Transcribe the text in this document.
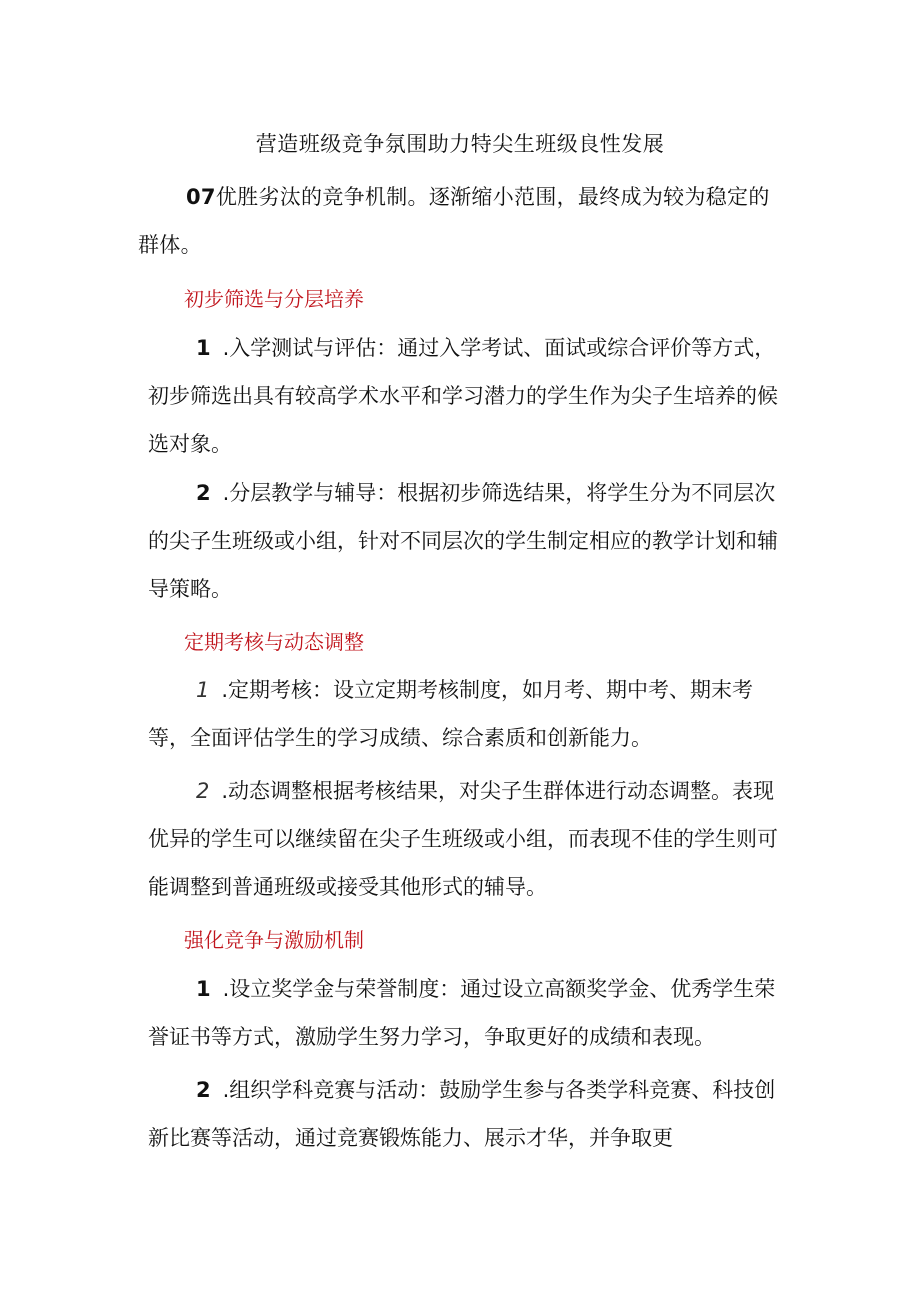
营造班级竞争氛围助力特尖生班级良性发展
07优胜劣汰的竞争机制。逐渐缩小范围，最终成为较为稳定的群体。
初步筛选与分层培养
1 .入学测试与评估：通过入学考试、面试或综合评价等方式，初步筛选出具有较高学术水平和学习潜力的学生作为尖子生培养的候选对象。
2 .分层教学与辅导：根据初步筛选结果，将学生分为不同层次的尖子生班级或小组，针对不同层次的学生制定相应的教学计划和辅导策略。
定期考核与动态调整
1 .定期考核：设立定期考核制度，如月考、期中考、期末考等，全面评估学生的学习成绩、综合素质和创新能力。
2 .动态调整根据考核结果，对尖子生群体进行动态调整。表现优异的学生可以继续留在尖子生班级或小组，而表现不佳的学生则可能调整到普通班级或接受其他形式的辅导。
强化竞争与激励机制
1 .设立奖学金与荣誉制度：通过设立高额奖学金、优秀学生荣誉证书等方式，激励学生努力学习，争取更好的成绩和表现。
2 .组织学科竞赛与活动：鼓励学生参与各类学科竞赛、科技创新比赛等活动，通过竞赛锻炼能力、展示才华，并争取更
